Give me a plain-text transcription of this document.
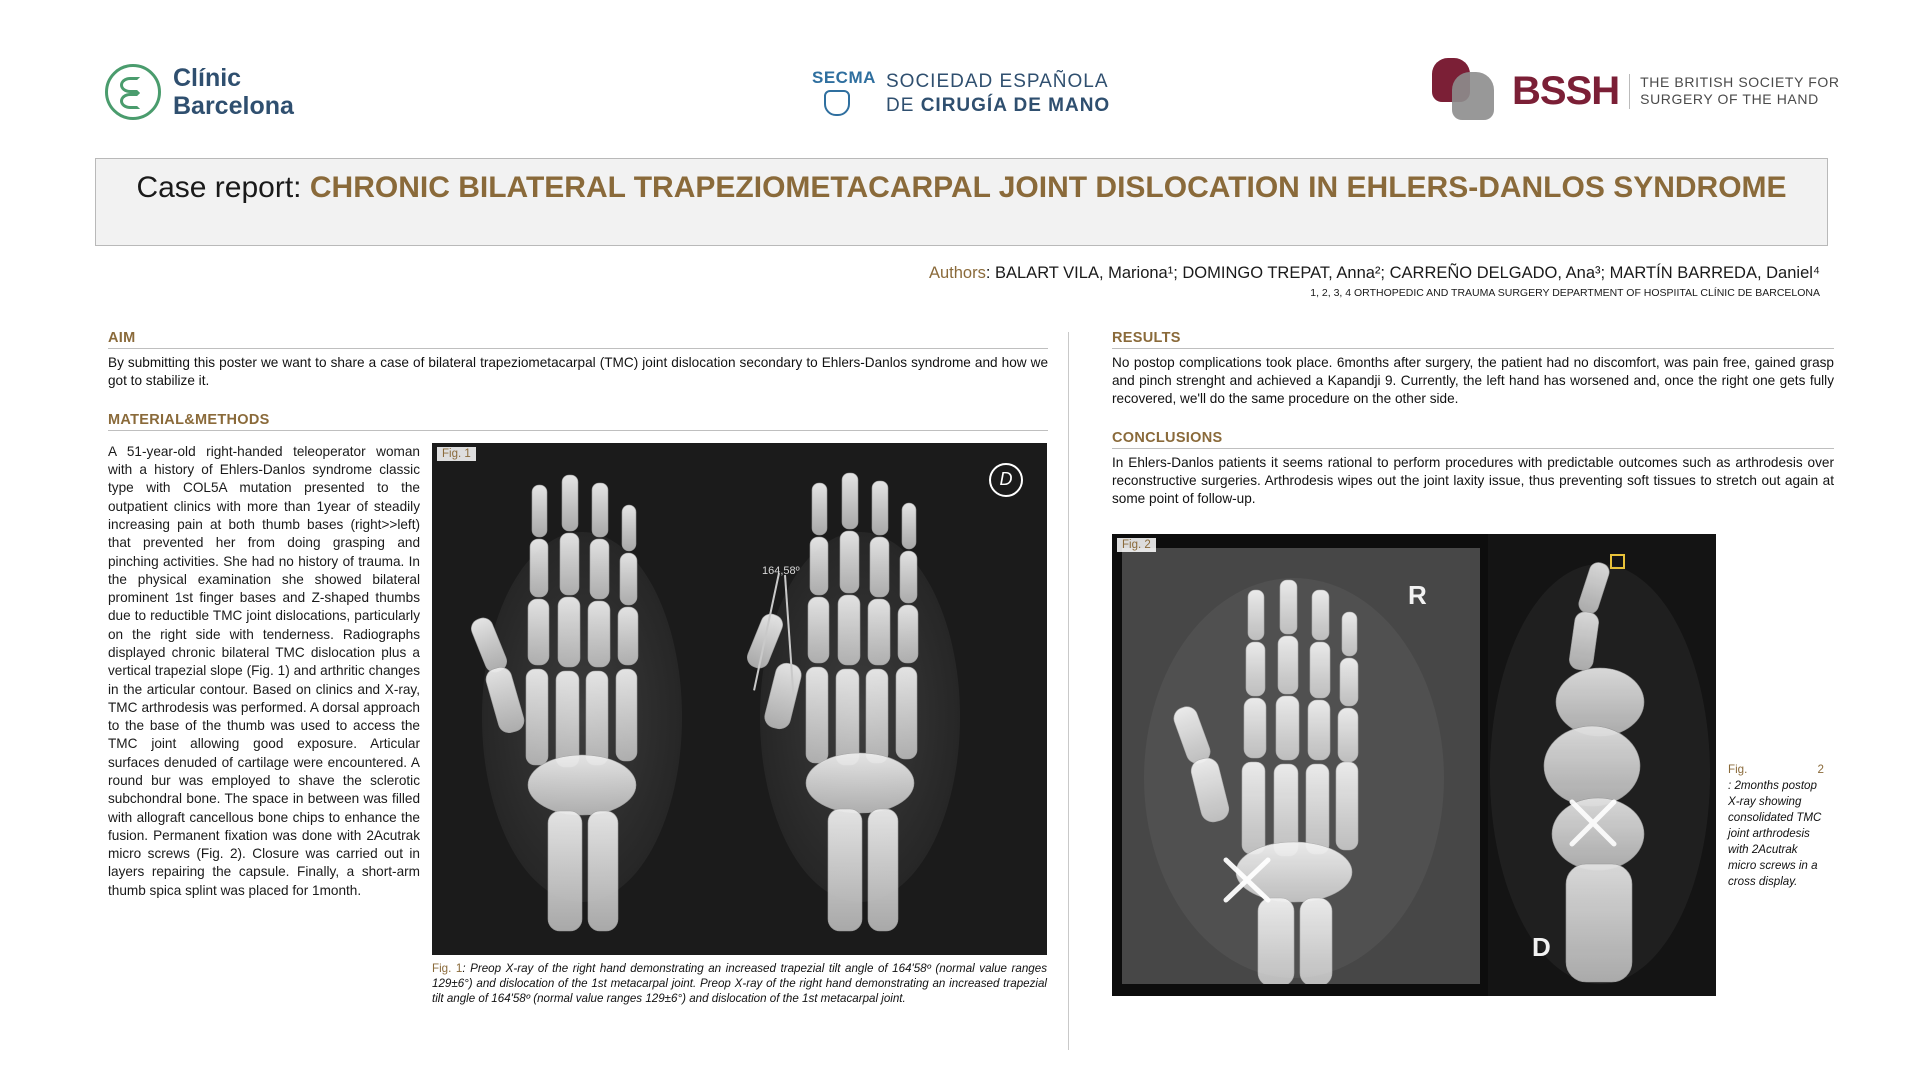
Clínic
Barcelona
SECMA SOCIEDAD ESPAÑOLA
DE CIRUGÍA DE MANO	BSSH THE BRITISH SOCIETY FOR
SURGERY OF THE HAND
Case report: CHRONIC BILATERAL TRAPEZIOMETACARPAL JOINT DISLOCATION IN EHLERS-DANLOS SYNDROME
Authors: BALART VILA, Mariona¹; DOMINGO TREPAT, Anna²; CARREÑO DELGADO, Ana³; MARTÍN BARREDA, Daniel⁴
1, 2, 3, 4 ORTHOPEDIC AND TRAUMA SURGERY DEPARTMENT OF HOSPIITAL CLÍNIC DE BARCELONA
AIM
By submitting this poster we want to share a case of bilateral trapeziometacarpal (TMC) joint dislocation secondary to Ehlers-Danlos syndrome and how we got to stabilize it.
MATERIAL&METHODS
A 51-year-old right-handed teleoperator woman with a history of Ehlers-Danlos syndrome classic type with COL5A mutation presented to the outpatient clinics with more than 1year of steadily increasing pain at both thumb bases (right>>left) that prevented her from doing grasping and pinching activities. She had no history of trauma. In the physical examination she showed bilateral prominent 1st finger bases and Z-shaped thumbs due to reductible TMC joint dislocations, particularly on the right side with tenderness. Radiographs displayed chronic bilateral TMC dislocation plus a vertical trapezial slope (Fig. 1) and arthritic changes in the articular contour. Based on clinics and X-ray, TMC arthrodesis was performed. A dorsal approach to the base of the thumb was used to access the TMC joint allowing good exposure. Articular surfaces denuded of cartilage were encountered. A round bur was employed to shave the sclerotic subchondral bone. The space in between was filled with allograft cancellous bone chips to enhance the fusion. Permanent fixation was done with 2Acutrak micro screws (Fig. 2). Closure was carried out in layers repairing the capsule. Finally, a short-arm thumb spica splint was placed for 1month.
Fig. 1
D
164,58º
Fig. 1: Preop X-ray of the right hand demonstrating an increased trapezial tilt angle of 164'58º (normal value ranges 129±6°) and dislocation of the 1st metacarpal joint. Preop X-ray of the right hand demonstrating an increased trapezial tilt angle of 164'58º (normal value ranges 129±6°) and dislocation of the 1st metacarpal joint.
RESULTS
No postop complications took place. 6months after surgery, the patient had no discomfort, was pain free, gained grasp and pinch strenght and achieved a Kapandji 9. Currently, the left hand has worsened and, once the right one gets fully recovered, we'll do the same procedure on the other side.
CONCLUSIONS
In Ehlers-Danlos patients it seems rational to perform procedures with predictable outcomes such as arthrodesis over reconstructive surgeries. Arthrodesis wipes out the joint laxity issue, thus preventing soft tissues to stretch out again at some point of follow-up.
Fig. 2
R
D
Fig.	2
: 2months postop X-ray showing consolidated TMC joint arthrodesis with 2Acutrak micro screws in a cross display.
